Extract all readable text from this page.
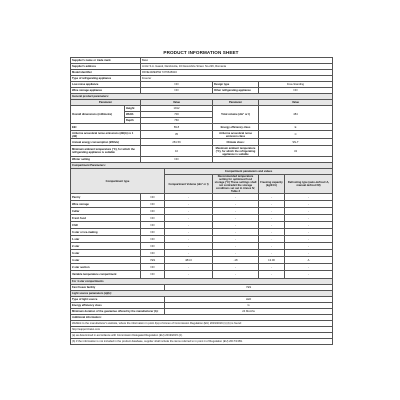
PRODUCT INFORMATION SHEET
Supplier's name or trade mark		Beko				
Supplier's address		Arctic S.A. Gaesti, Dambovita, 16 Decembrie Street. No.226, Romania				
Model identifier		RFNE448E35W 7276648316				
Type of refrigerating appliance		Freezer				
Low-noise appliance		NO		Design type	Free-Standing	
Wine storage appliance		NO		Other refrigerating appliance	NO	
General product parameters:						
Parameter		Value		Parameter	Value	
Overall dimensions (millimetre)	Height	1912		Total volume (dm³ or l)	484	
	Width	700				
	Depth	760				
EEI		89.8		Energy efficiency class	E	
Airborne acoustical noise emissions (dB(A) re 1 pW)		35		Airborne acoustical noise emission class	C	
Annual energy consumption (kWh/a)		281.59		Climate class:	SN-T	
Minimum ambient temperature (°C), for which the refrigerating appliance is suitable		10		Maximum ambient temperature (°C), for which the refrigerating appliance is suitable	43	
Winter setting		NO				
Compartment Parameters:						
Compartment type			Compartment parameters and values			
			Compartment Volume (dm³ or l)	Recommended temperature setting for optimised food storage (°C) These settings shall not contradict the storage conditions set out in Annex IV, Table 3	Freezing capacity (kg/24 h)	Defrosting type (auto-defrost=A, manual defrost=M)
Pantry		NO	-	-	-	-
Wine storage		NO	-	-	-	-
Cellar		NO	-	-	-	-
Fresh food		NO	-	-	-	-
Chill		NO	-	-	-	-
0-star or ice-making		NO	-	-	-	-
1-star		NO	-	-	-	-
2-star		NO	-	-	-	-
3-star		NO	-	-	-	-
4-star		YES	484.0	-18	13.00	A
2-star section		NO	-	-	-	-
Variable temperature compartment		NO	-	-	-	-
For 4-star compartments						
Fast freeze facility			YES			
Light source parameters (a)(b):						
Type of light source			LED			
Energy efficiency class			G			
Minimum duration of the guarantee offered by the manufacturer (b):			24 Months			
Additional information:						
Weblink to the manufacturer's website, where the information in point 4(a) of Annex of Commission Regulation (EU) 2019/2019 (1) (b) is found:						
http://support.beko.com						
(a) as determined in accordance with Commission Delegated Regulation (EU) 2019/2015 (2).						
(b) if the information is not included in the product database, supplier shall include the items referred to in point 4 of Regulation (EU) 2017/1369.						
